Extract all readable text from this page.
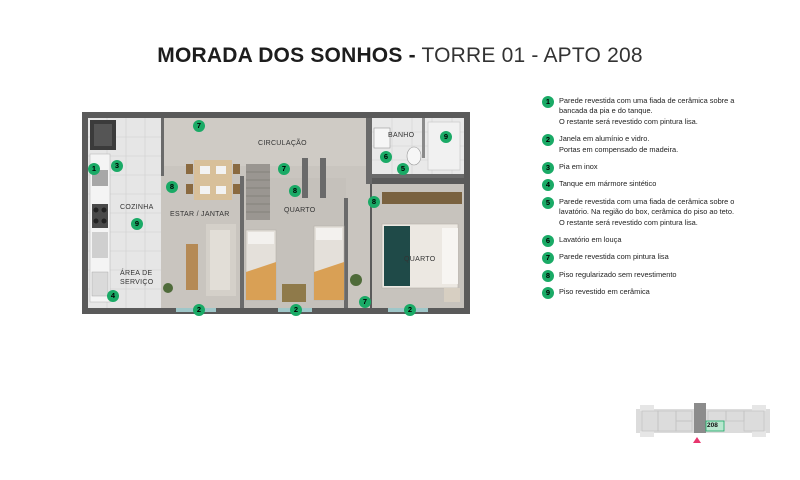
MORADA DOS SONHOS - TORRE 01 - APTO 208
CIRCULAÇÃO
BANHO
COZINHA
ESTAR / JANTAR
QUARTO
QUARTO
ÁREA DE
SERVIÇO
1	3
4
9
7
8
7
8
8
6
5
9
7
2	2	2
1	Parede revestida com uma fiada de cerâmica sobre a
bancada da pia e do tanque.
O restante será revestido com pintura lisa.
2	Janela em alumínio e vidro.
Portas em compensado de madeira.
3	Pia em inox
4	Tanque em mármore sintético
5	Parede revestida com uma fiada de cerâmica sobre o
lavatório. Na região do box, cerâmica do piso ao teto.
O restante será revestido com pintura lisa.
6	Lavatório em louça
7	Parede revestida com pintura lisa
8	Piso regularizado sem revestimento
9	Piso revestido em cerâmica
208
